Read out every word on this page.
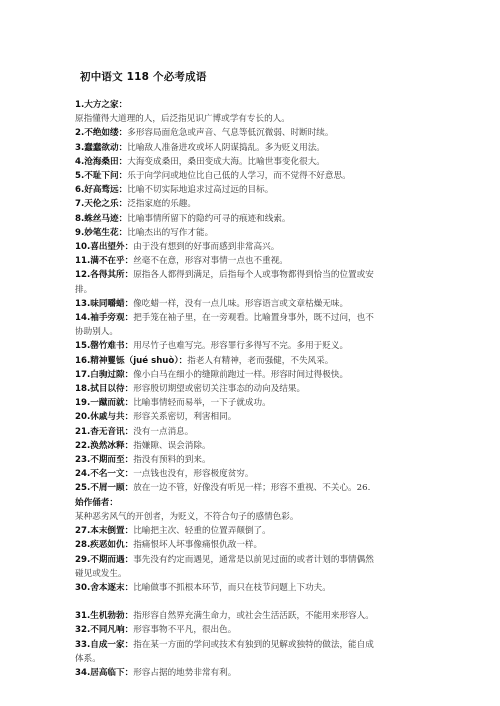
初中语文 118 个必考成语
1.大方之家：
原指懂得大道理的人，后泛指见识广博或学有专长的人。
2.不绝如缕：多形容局面危急或声音、气息等低沉微弱、时断时续。
3.蠢蠢欲动：比喻敌人准备进攻或坏人阴谋捣乱。多为贬义用法。
4.沧海桑田：大海变成桑田，桑田变成大海。比喻世事变化很大。
5.不耻下问：乐于向学问或地位比自己低的人学习，而不觉得不好意思。
6.好高骛远：比喻不切实际地追求过高过远的目标。
7.天伦之乐：泛指家庭的乐趣。
8.蛛丝马迹：比喻事情所留下的隐约可寻的痕迹和线索。
9.妙笔生花：比喻杰出的写作才能。
10.喜出望外：由于没有想到的好事而感到非常高兴。
11.满不在乎：丝毫不在意，形容对事情一点也不重视。
12.各得其所：原指各人都得到满足，后指每个人或事物都得到恰当的位置或安
排。
13.味同嚼蜡：像吃蜡一样，没有一点儿味。形容语言或文章枯燥无味。
14.袖手旁观：把手笼在袖子里，在一旁观看。比喻置身事外，既不过问，也不
协助别人。
15.罄竹难书：用尽竹子也难写完。形容罪行多得写不完。多用于贬义。
16.精神矍铄（jué shuò）：指老人有精神，老而强健，不失风采。
17.白驹过隙：像小白马在细小的缝隙前跑过一样。形容时间过得极快。
18.拭目以待：形容殷切期望或密切关注事态的动向及结果。
19.一蹴而就：比喻事情轻而易举，一下子就成功。
20.休戚与共：形容关系密切，利害相同。
21.杳无音讯：没有一点消息。
22.涣然冰释：指嫌隙、误会消除。
23.不期而至：指没有预料的到来。
24.不名一文：一点钱也没有，形容极度贫穷。
25.不屑一顾：放在一边不管，好像没有听见一样；形容不重视、不关心。26.
始作俑者：
某种恶劣风气的开创者，为贬义，不符合句子的感情色彩。
27.本末倒置：比喻把主次、轻重的位置弄颠倒了。
28.疾恶如仇：指痛恨坏人坏事像痛恨仇敌一样。
29.不期而遇：事先没有约定而遇见，通常是以前见过面的或者计划的事情偶然
碰见或发生。
30.舍本逐末：比喻做事不抓根本环节，而只在枝节问题上下功夫。
31.生机勃勃：指形容自然界充满生命力，或社会生活活跃，不能用来形容人。
32.不同凡响：形容事物不平凡，很出色。
33.自成一家：指在某一方面的学问或技术有独到的见解或独特的做法，能自成
体系。
34.居高临下：形容占据的地势非常有利。
